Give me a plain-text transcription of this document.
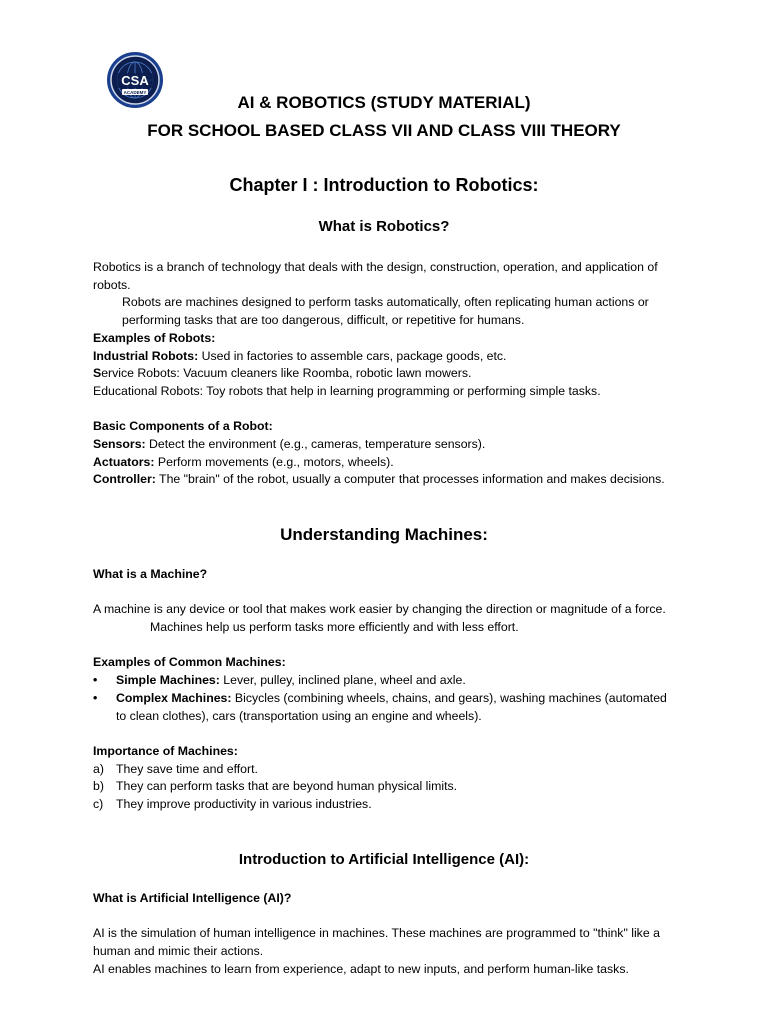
CSA
ACADEMY
AI & ROBOTICS (STUDY MATERIAL)
FOR SCHOOL BASED CLASS VII AND CLASS VIII THEORY
Chapter I : Introduction to Robotics:
What is Robotics?

Robotics is a branch of technology that deals with the design, construction, operation, and application of robots.

Robots are machines designed to perform tasks automatically, often replicating human actions or performing tasks that are too dangerous, difficult, or repetitive for humans.

Examples of Robots:

Industrial Robots: Used in factories to assemble cars, package goods, etc.

Service Robots: Vacuum cleaners like Roomba, robotic lawn mowers.

Educational Robots: Toy robots that help in learning programming or performing simple tasks.

Basic Components of a Robot:

Sensors: Detect the environment (e.g., cameras, temperature sensors).

Actuators: Perform movements (e.g., motors, wheels).

Controller: The "brain" of the robot, usually a computer that processes information and makes decisions.

Understanding Machines:

What is a Machine?

A machine is any device or tool that makes work easier by changing the direction or magnitude of a force.

Machines help us perform tasks more efficiently and with less effort.

Examples of Common Machines:

• Simple Machines: Lever, pulley, inclined plane, wheel and axle.
• Complex Machines: Bicycles (combining wheels, chains, and gears), washing machines (automated to clean clothes), cars (transportation using an engine and wheels).

Importance of Machines:

a) They save time and effort.
b) They can perform tasks that are beyond human physical limits.
c) They improve productivity in various industries.
Introduction to Artificial Intelligence (AI):

What is Artificial Intelligence (AI)?

AI is the simulation of human intelligence in machines. These machines are programmed to "think" like a human and mimic their actions.

AI enables machines to learn from experience, adapt to new inputs, and perform human-like tasks.
